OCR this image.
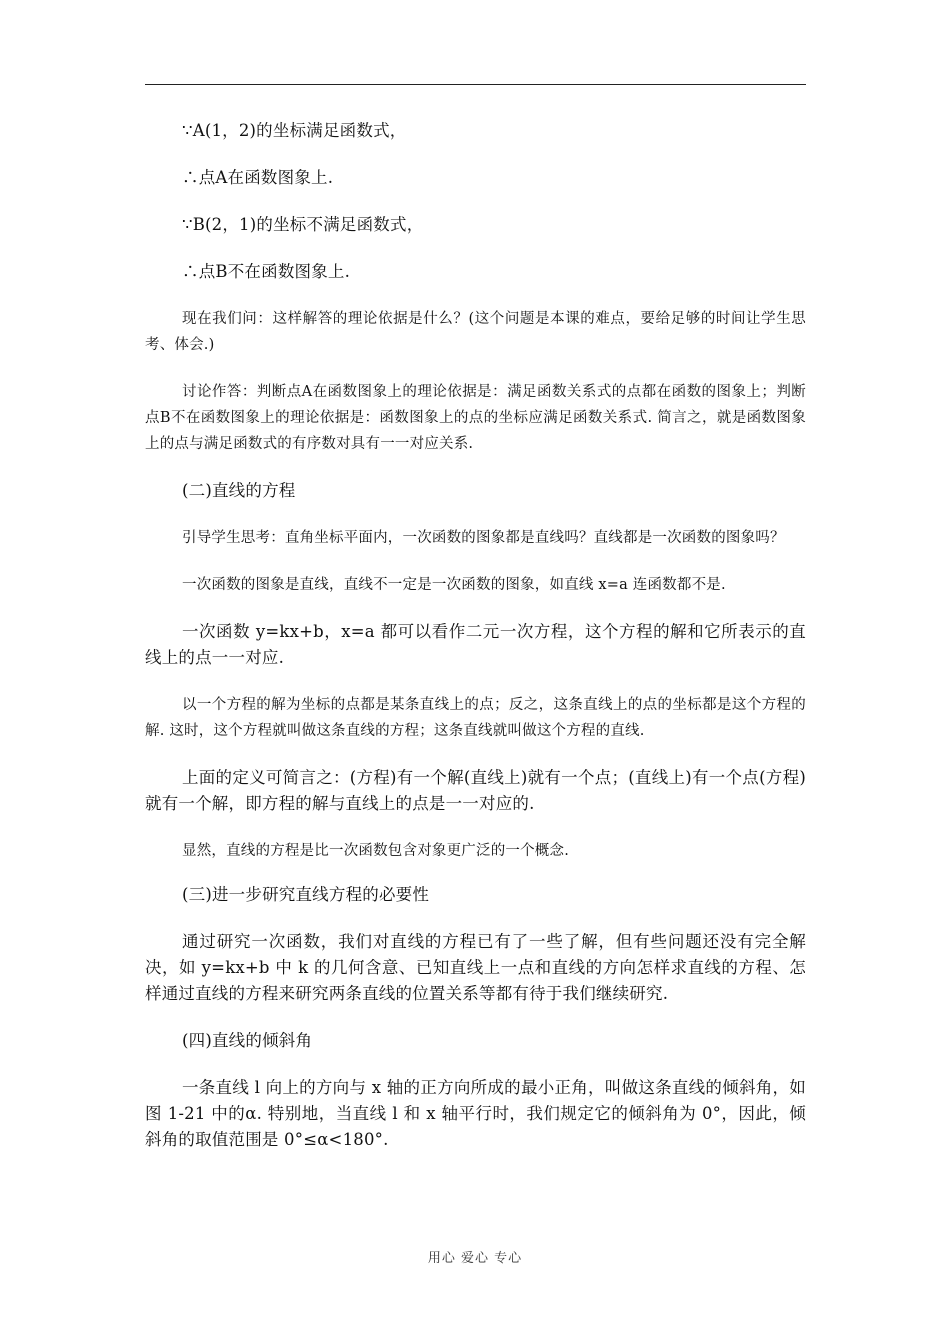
∵A(1，2)的坐标满足函数式，

∴点A在函数图象上.

∵B(2，1)的坐标不满足函数式，

∴点B不在函数图象上.

现在我们问：这样解答的理论依据是什么？(这个问题是本课的难点，要给足够的时间让学生思考、体会.)

讨论作答：判断点A在函数图象上的理论依据是：满足函数关系式的点都在函数的图象上；判断点B不在函数图象上的理论依据是：函数图象上的点的坐标应满足函数关系式. 简言之，就是函数图象上的点与满足函数式的有序数对具有一一对应关系.

(二)直线的方程

引导学生思考：直角坐标平面内，一次函数的图象都是直线吗？直线都是一次函数的图象吗？

一次函数的图象是直线，直线不一定是一次函数的图象，如直线 x=a 连函数都不是.

一次函数 y=kx+b，x=a 都可以看作二元一次方程，这个方程的解和它所表示的直线上的点一一对应.

以一个方程的解为坐标的点都是某条直线上的点；反之，这条直线上的点的坐标都是这个方程的解. 这时，这个方程就叫做这条直线的方程；这条直线就叫做这个方程的直线.

上面的定义可简言之：(方程)有一个解(直线上)就有一个点；(直线上)有一个点(方程)就有一个解，即方程的解与直线上的点是一一对应的.

显然，直线的方程是比一次函数包含对象更广泛的一个概念.

(三)进一步研究直线方程的必要性

通过研究一次函数，我们对直线的方程已有了一些了解，但有些问题还没有完全解决，如 y=kx+b 中 k 的几何含意、已知直线上一点和直线的方向怎样求直线的方程、怎样通过直线的方程来研究两条直线的位置关系等都有待于我们继续研究.

(四)直线的倾斜角

一条直线 l 向上的方向与 x 轴的正方向所成的最小正角，叫做这条直线的倾斜角，如图 1-21 中的α. 特别地，当直线 l 和 x 轴平行时，我们规定它的倾斜角为 0°，因此，倾斜角的取值范围是 0°≤α<180°.

用心 爱心 专心
